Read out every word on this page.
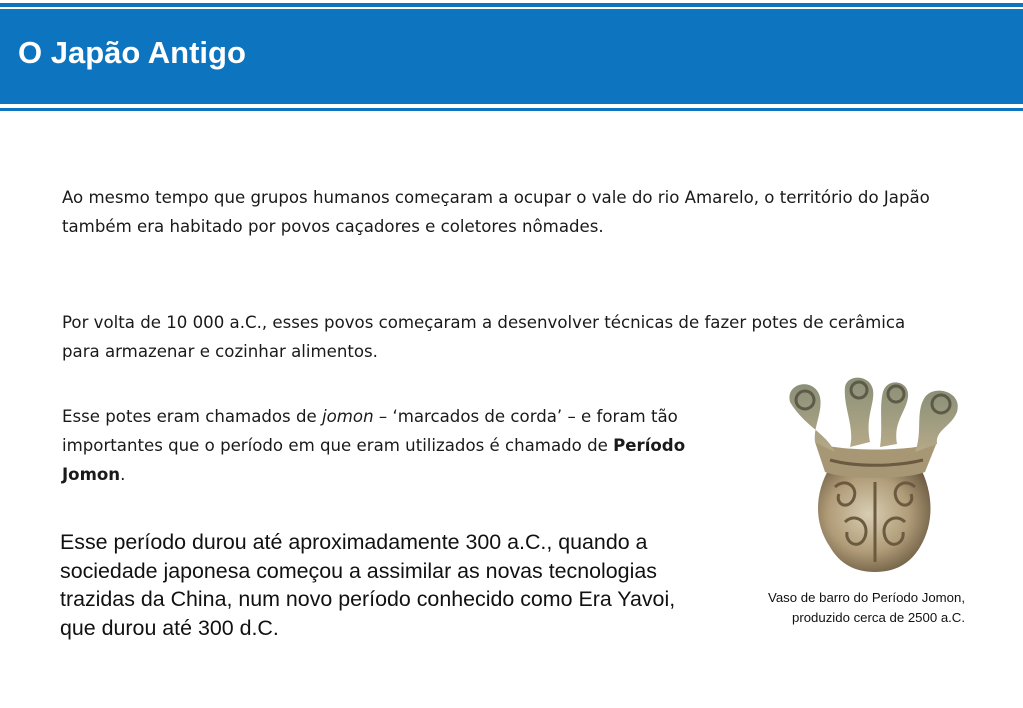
O Japão Antigo

Ao mesmo tempo que grupos humanos começaram a ocupar o vale do rio Amarelo, o território do Japão também era habitado por povos caçadores e coletores nômades.

Por volta de 10 000 a.C., esses povos começaram a desenvolver técnicas de fazer potes de cerâmica para armazenar e cozinhar alimentos.

Esse potes eram chamados de jomon – ‘marcados de corda’ – e foram tão importantes que o período em que eram utilizados é chamado de Período Jomon.

Esse período durou até aproximadamente 300 a.C., quando a sociedade japonesa começou a assimilar as novas tecnologias trazidas da China, num novo período conhecido como Era Yavoi, que durou até 300 d.C.

Vaso de barro do Período Jomon, produzido cerca de 2500 a.C.
